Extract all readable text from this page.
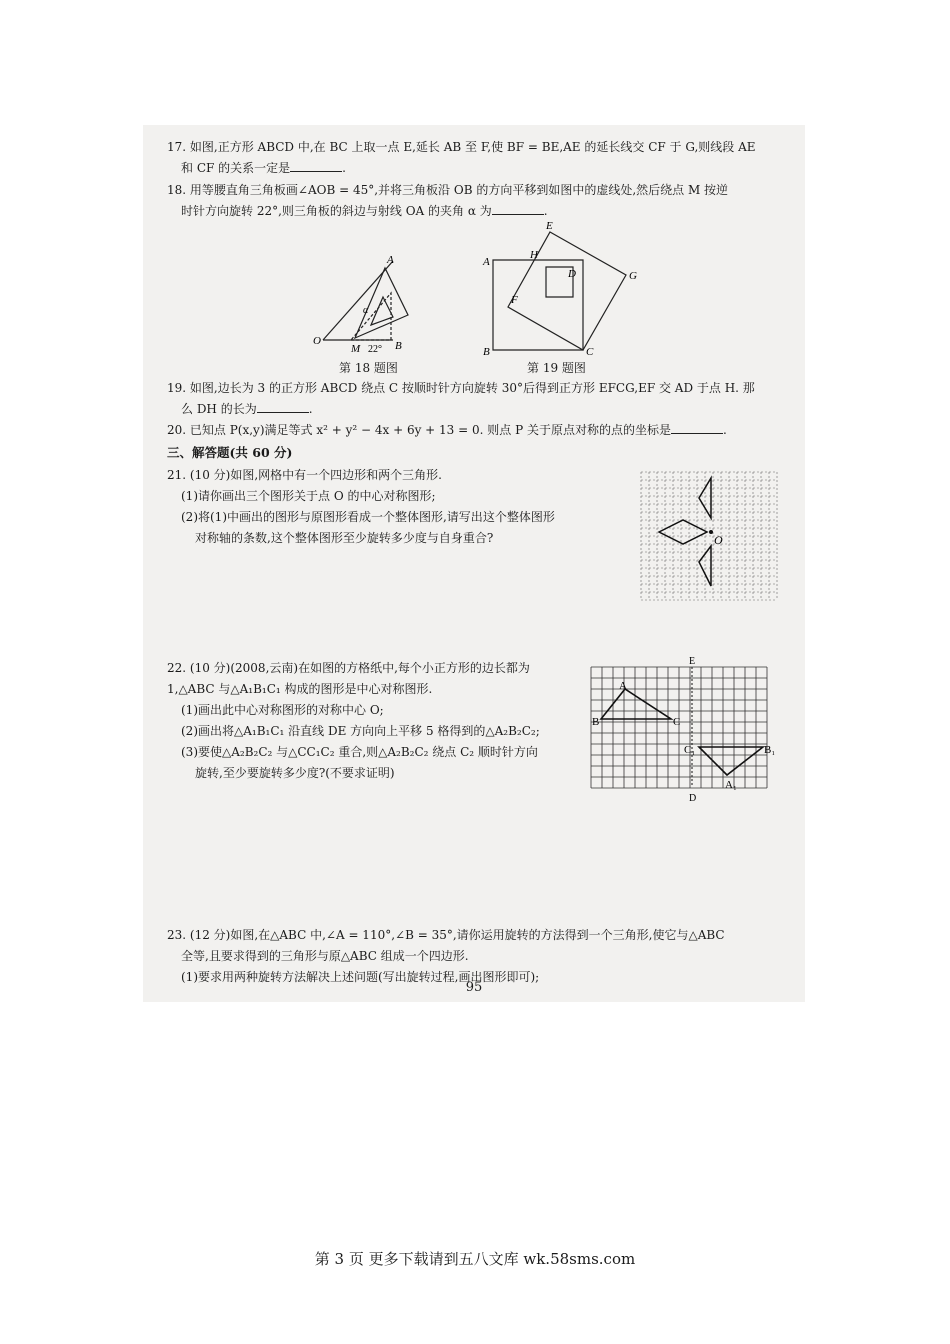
17. 如图,正方形 ABCD 中,在 BC 上取一点 E,延长 AB 至 F,使 BF = BE,AE 的延长线交 CF 于 G,则线段 AE

和 CF 的关系一定是	.

18. 用等腰直角三角板画∠AOB = 45°,并将三角板沿 OB 的方向平移到如图中的虚线处,然后绕点 M 按逆

时针方向旋转 22°,则三角板的斜边与射线 OA 的夹角 α 为	.

A
O
M	B
α
22°
第 18 题图
A
B	C
D
E
F
G
H
第 19 题图

19. 如图,边长为 3 的正方形 ABCD 绕点 C 按顺时针方向旋转 30°后得到正方形 EFCG,EF 交 AD 于点 H. 那

么 DH 的长为	.

20. 已知点 P(x,y)满足等式 x² + y² − 4x + 6y + 13 = 0. 则点 P 关于原点对称的点的坐标是	.

三、解答题(共 60 分)

21. (10 分)如图,网格中有一个四边形和两个三角形.

(1)请你画出三个图形关于点 O 的中心对称图形;

(2)将(1)中画出的图形与原图形看成一个整体图形,请写出这个整体图形

对称轴的条数,这个整体图形至少旋转多少度与自身重合?	O

22. (10 分)(2008,云南)在如图的方格纸中,每个小正方形的边长都为

1,△ABC 与△A₁B₁C₁ 构成的图形是中心对称图形.

(1)画出此中心对称图形的对称中心 O;

(2)画出将△A₁B₁C₁ 沿直线 DE 方向向上平移 5 格得到的△A₂B₂C₂;

(3)要使△A₂B₂C₂ 与△CC₁C₂ 重合,则△A₂B₂C₂ 绕点 C₂ 顺时针方向

旋转,至少要旋转多少度?(不要求证明)

E
A
B	C
C₁	B₁
A₁
D

23. (12 分)如图,在△ABC 中,∠A = 110°,∠B = 35°,请你运用旋转的方法得到一个三角形,使它与△ABC

全等,且要求得到的三角形与原△ABC 组成一个四边形.

(1)要求用两种旋转方法解决上述问题(写出旋转过程,画出图形即可);

95
第 3 页 更多下载请到五八文库 wk.58sms.com
